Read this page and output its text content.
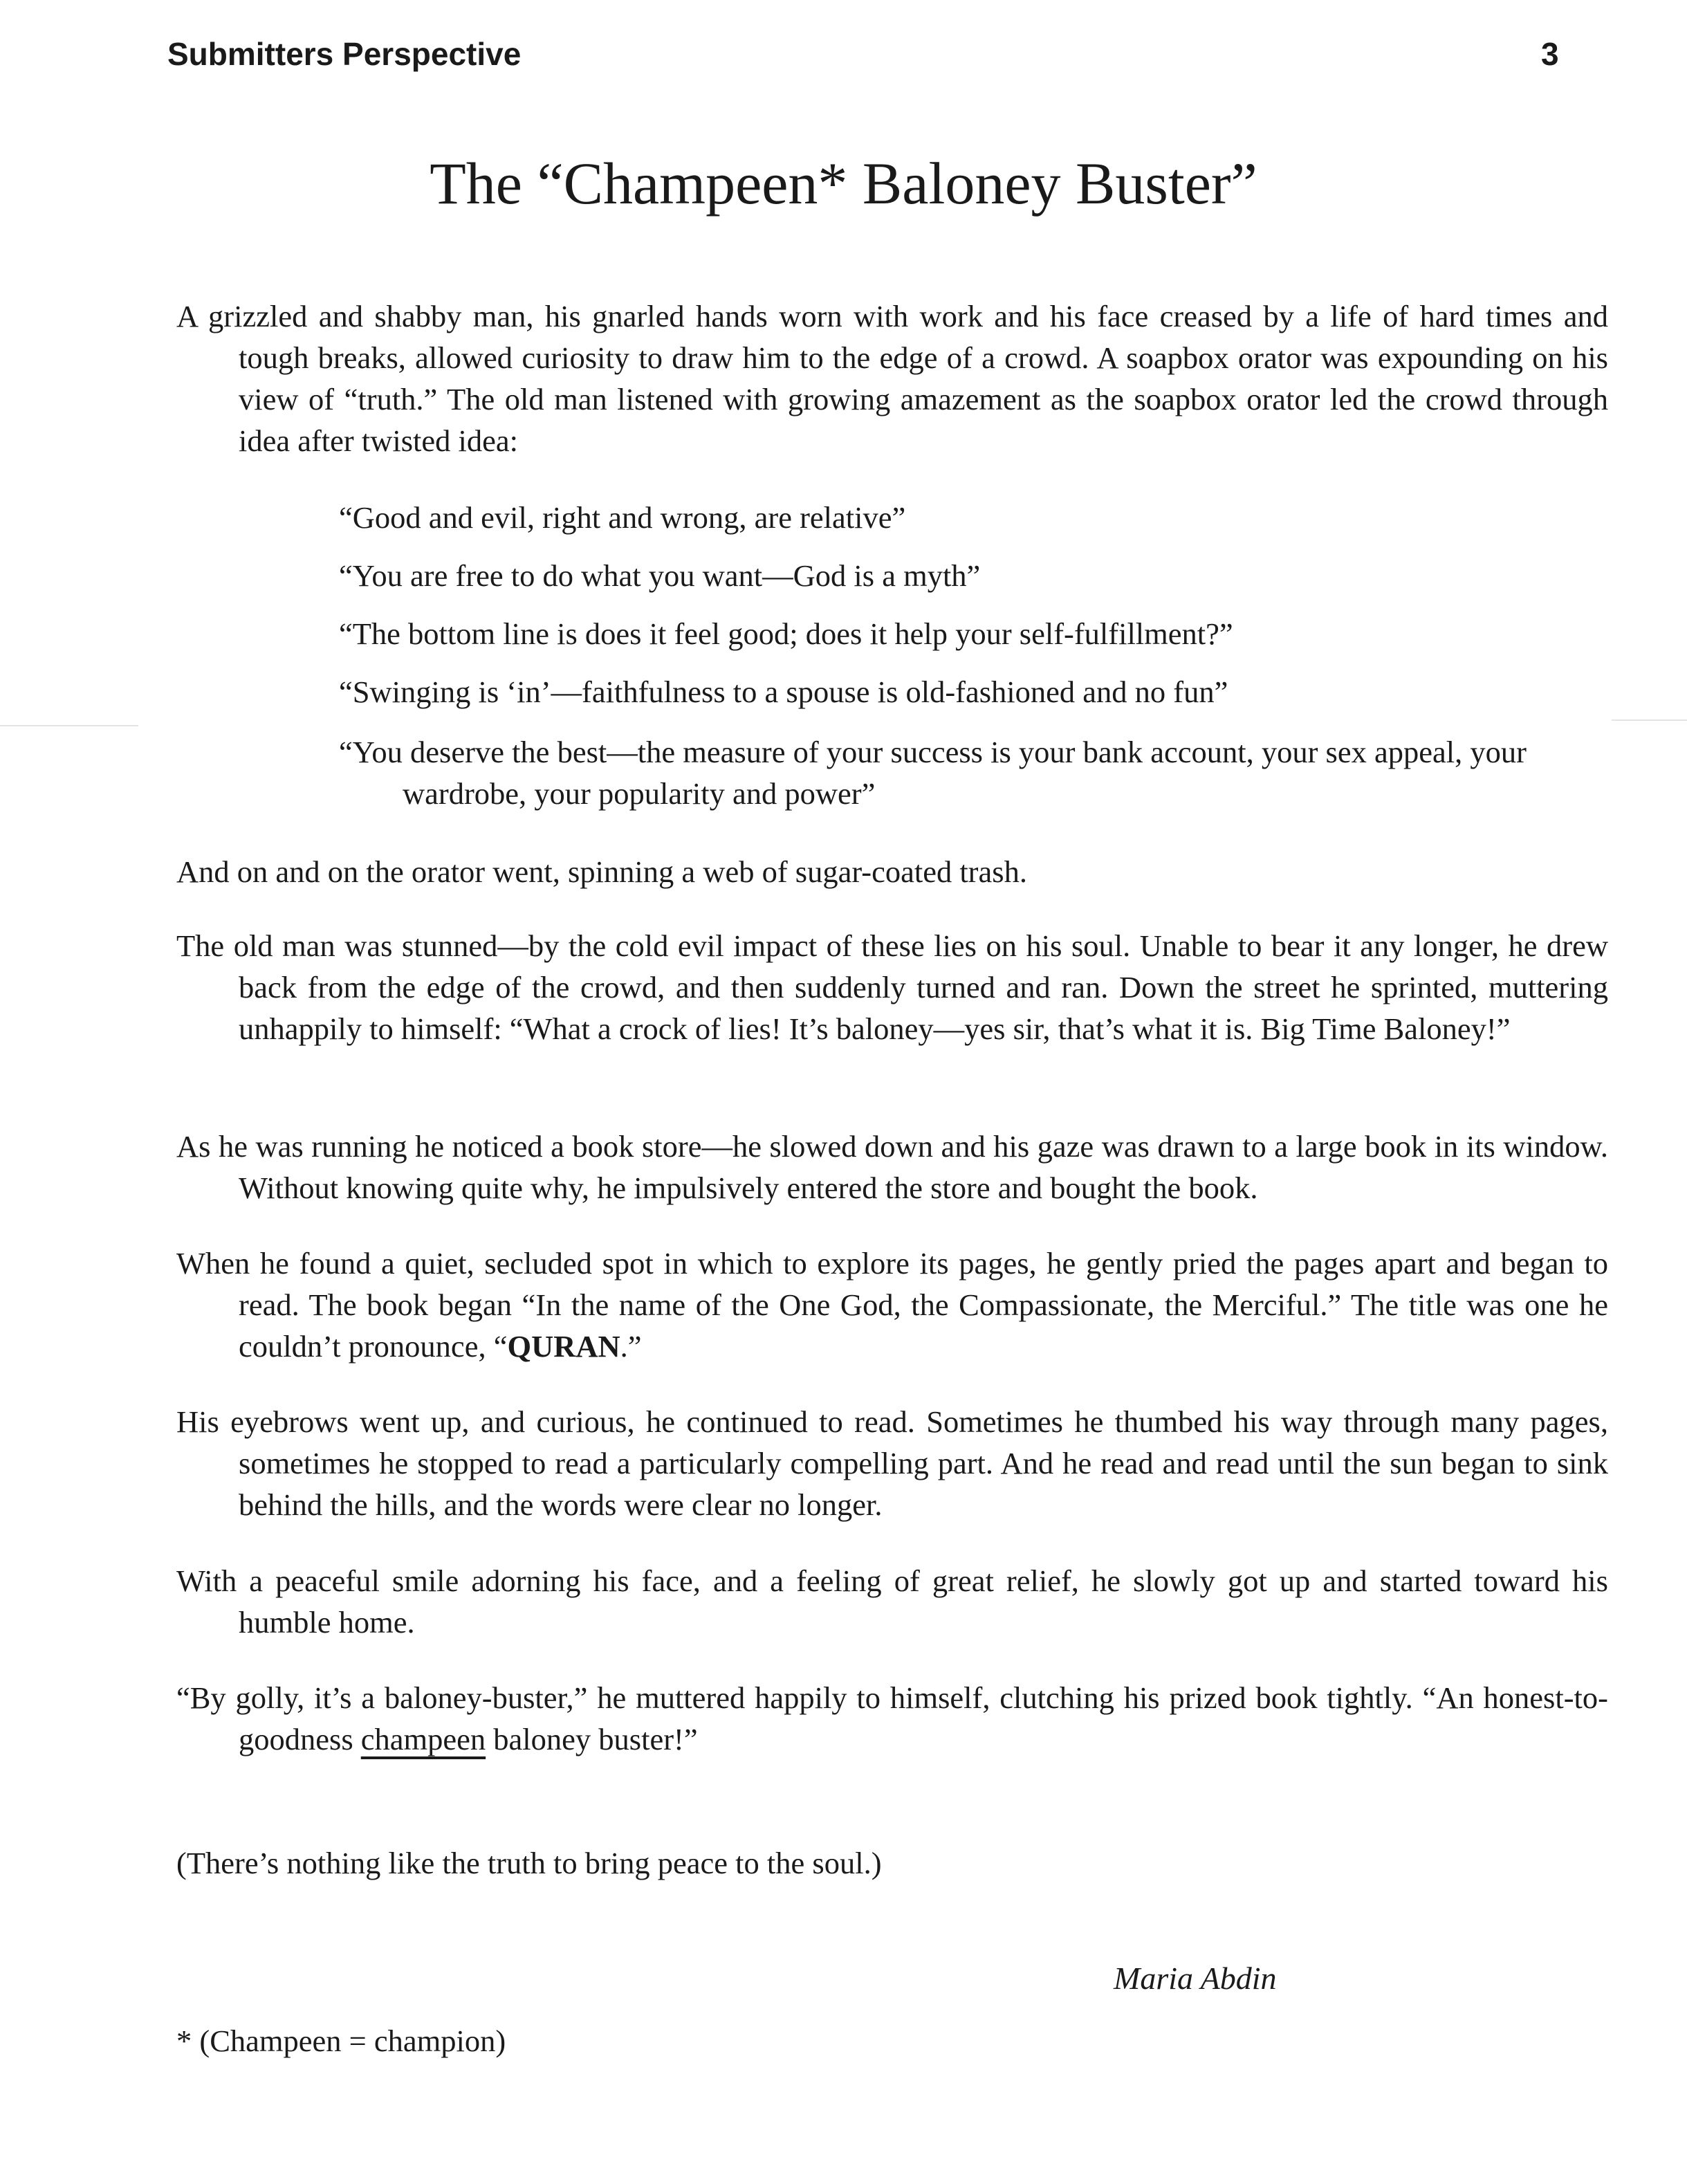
Submitters Perspective	3
The “Champeen* Baloney Buster”

A grizzled and shabby man, his gnarled hands worn with work and his face creased by a life of hard times and tough breaks, allowed curiosity to draw him to the edge of a crowd. A soapbox orator was expounding on his view of “truth.” The old man listened with growing amazement as the soapbox orator led the crowd through idea after twisted idea:

“Good and evil, right and wrong, are relative”

“You are free to do what you want—God is a myth”

“The bottom line is does it feel good; does it help your self-fulfillment?”

“Swinging is ‘in’—faithfulness to a spouse is old-fashioned and no fun”

“You deserve the best—the measure of your success is your bank account, your sex appeal, your wardrobe, your popularity and power”

And on and on the orator went, spinning a web of sugar-coated trash.

The old man was stunned—by the cold evil impact of these lies on his soul. Unable to bear it any longer, he drew back from the edge of the crowd, and then suddenly turned and ran. Down the street he sprinted, muttering unhappily to himself: “What a crock of lies! It’s baloney—yes sir, that’s what it is. Big Time Baloney!”

As he was running he noticed a book store—he slowed down and his gaze was drawn to a large book in its window. Without knowing quite why, he impulsively entered the store and bought the book.

When he found a quiet, secluded spot in which to explore its pages, he gently pried the pages apart and began to read. The book began “In the name of the One God, the Compassionate, the Merciful.” The title was one he couldn’t pronounce, “QURAN.”

His eyebrows went up, and curious, he continued to read. Sometimes he thumbed his way through many pages, sometimes he stopped to read a particularly compelling part. And he read and read until the sun began to sink behind the hills, and the words were clear no longer.

With a peaceful smile adorning his face, and a feeling of great relief, he slowly got up and started toward his humble home.

“By golly, it’s a baloney-buster,” he muttered happily to himself, clutching his prized book tightly. “An honest-to-goodness champeen baloney buster!”

(There’s nothing like the truth to bring peace to the soul.)

Maria Abdin
* (Champeen = champion)
